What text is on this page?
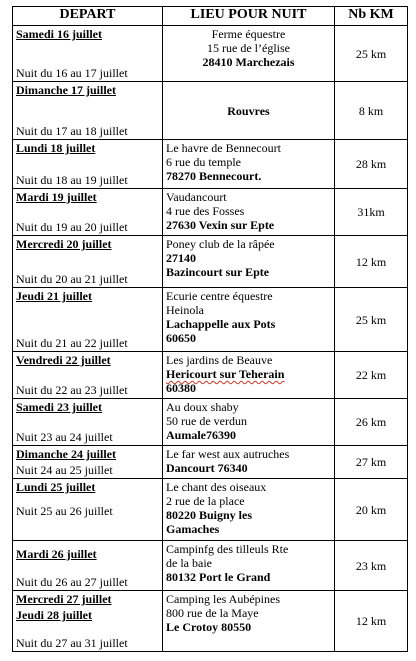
DEPART	LIEU POUR NUIT	Nb KM

Samedi 16 juillet
Nuit du 16 au 17 juillet	Ferme équestre
15 rue de l’église
28410 Marchezais	25 km

Dimanche 17 juillet
Nuit du 17 au 18 juillet	Rouvres	8 km

Lundi 18 juillet
Nuit du 18 au 19 juillet	Le havre de Bennecourt
6 rue du temple
78270 Bennecourt.	28 km

Mardi 19 juillet
Nuit du 19 au 20 juillet	Vaudancourt
4 rue des Fosses
27630 Vexin sur Epte	31km

Mercredi 20 juillet
Nuit du 20 au 21 juillet	Poney club de la râpée
27140
Bazincourt sur Epte	12 km

Jeudi 21 juillet
Nuit du 21 au 22 juillet	Ecurie centre équestre
Heinola
Lachappelle aux Pots
60650	25 km

Vendredi 22 juillet
Nuit du 22 au 23 juillet	Les jardins de Beauve
Hericourt sur Teherain
60380	22 km

Samedi 23 juillet
Nuit 23 au 24 juillet	Au doux shaby
50 rue de verdun
Aumale76390	26 km

Dimanche 24 juillet
Nuit 24 au 25 juillet	Le far west aux autruches
Dancourt 76340	27 km

Lundi 25 juillet
Nuit 25 au 26 juillet	Le chant des oiseaux
2 rue de la place
80220 Buigny les
Gamaches	20 km

Mardi 26 juillet
Nuit du 26 au 27 juillet	Campinfg des tilleuls Rte
de la baie
80132 Port le Grand	23 km

Mercredi 27 juillet
Jeudi 28 juillet
Nuit du 27 au 31 juillet	Camping les Aubépines
800 rue de la Maye
Le Crotoy 80550	12 km
